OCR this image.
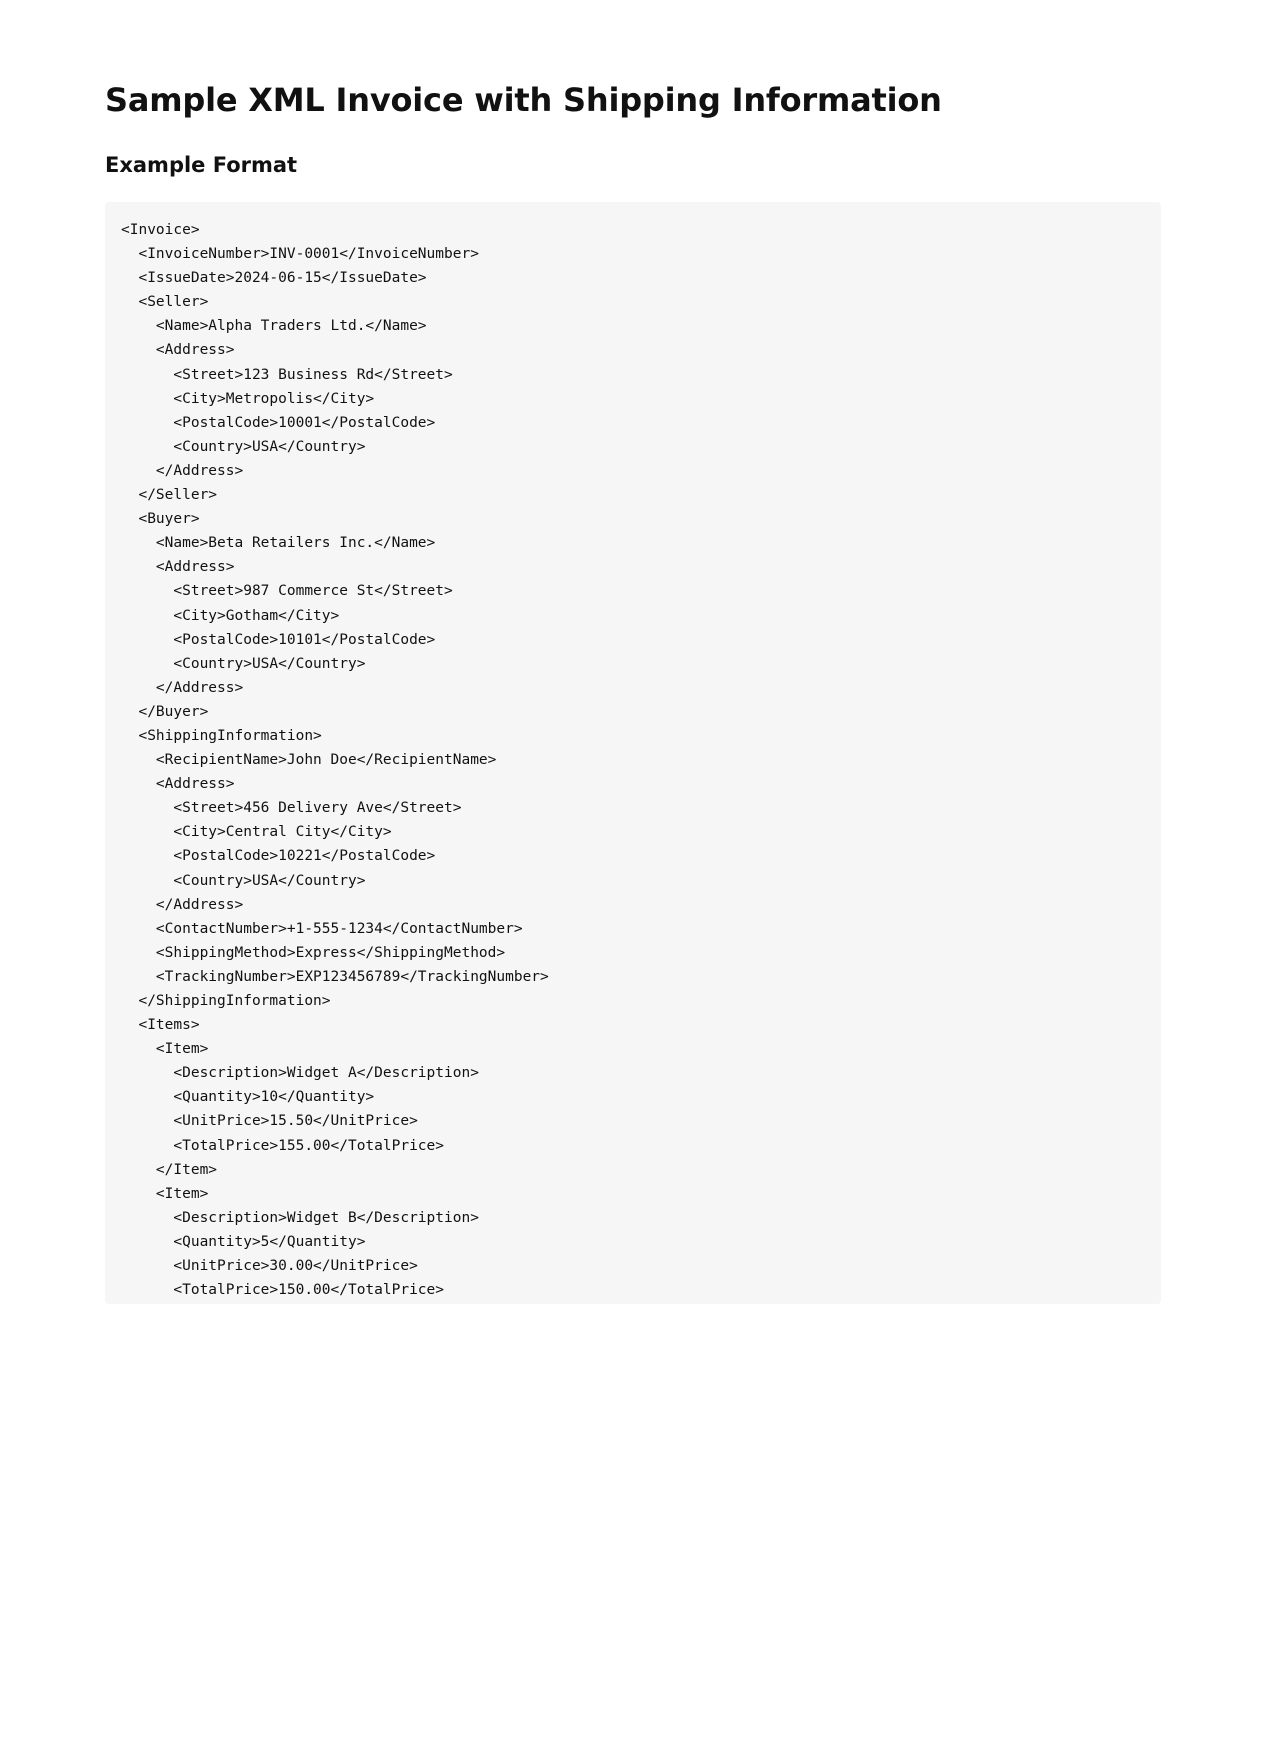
Sample XML Invoice with Shipping Information
Example Format
<Invoice>
<InvoiceNumber>INV-0001</InvoiceNumber>
<IssueDate>2024-06-15</IssueDate>
<Seller>
<Name>Alpha Traders Ltd.</Name>
<Address>
<Street>123 Business Rd</Street>
<City>Metropolis</City>
<PostalCode>10001</PostalCode>
<Country>USA</Country>
</Address>
</Seller>
<Buyer>
<Name>Beta Retailers Inc.</Name>
<Address>
<Street>987 Commerce St</Street>
<City>Gotham</City>
<PostalCode>10101</PostalCode>
<Country>USA</Country>
</Address>
</Buyer>
<ShippingInformation>
<RecipientName>John Doe</RecipientName>
<Address>
<Street>456 Delivery Ave</Street>
<City>Central City</City>
<PostalCode>10221</PostalCode>
<Country>USA</Country>
</Address>
<ContactNumber>+1-555-1234</ContactNumber>
<ShippingMethod>Express</ShippingMethod>
<TrackingNumber>EXP123456789</TrackingNumber>
</ShippingInformation>
<Items>
<Item>
<Description>Widget A</Description>
<Quantity>10</Quantity>
<UnitPrice>15.50</UnitPrice>
<TotalPrice>155.00</TotalPrice>
</Item>
<Item>
<Description>Widget B</Description>
<Quantity>5</Quantity>
<UnitPrice>30.00</UnitPrice>
<TotalPrice>150.00</TotalPrice>
